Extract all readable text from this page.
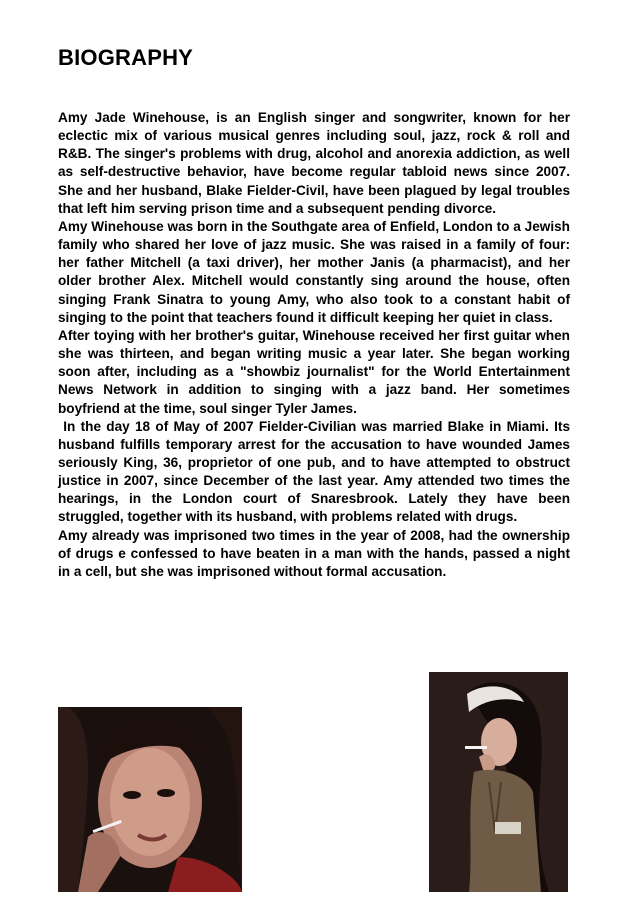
BIOGRAPHY

Amy Jade Winehouse, is an English singer and songwriter, known for her eclectic mix of various musical genres including soul, jazz, rock & roll and R&B. The singer's problems with drug, alcohol and anorexia addiction, as well as self-destructive behavior, have become regular tabloid news since 2007. She and her husband, Blake Fielder-Civil, have been plagued by legal troubles that left him serving prison time and a subsequent pending divorce.

Amy Winehouse was born in the Southgate area of Enfield, London to a Jewish family who shared her love of jazz music. She was raised in a family of four: her father Mitchell (a taxi driver), her mother Janis (a pharmacist), and her older brother Alex. Mitchell would constantly sing around the house, often singing Frank Sinatra to young Amy, who also took to a constant habit of singing to the point that teachers found it difficult keeping her quiet in class.

After toying with her brother's guitar, Winehouse received her first guitar when she was thirteen, and began writing music a year later. She began working soon after, including as a "showbiz journalist" for the World Entertainment News Network in addition to singing with a jazz band. Her sometimes boyfriend at the time, soul singer Tyler James.

In the day 18 of May of 2007 Fielder-Civilian was married Blake in Miami. Its husband fulfills temporary arrest for the accusation to have wounded James seriously King, 36, proprietor of one pub, and to have attempted to obstruct justice in 2007, since December of the last year. Amy attended two times the hearings, in the London court of Snaresbrook. Lately they have been struggled, together with its husband, with problems related with drugs.

Amy already was imprisoned two times in the year of 2008, had the ownership of drugs e confessed to have beaten in a man with the hands, passed a night in a cell, but she was imprisoned without formal accusation.
